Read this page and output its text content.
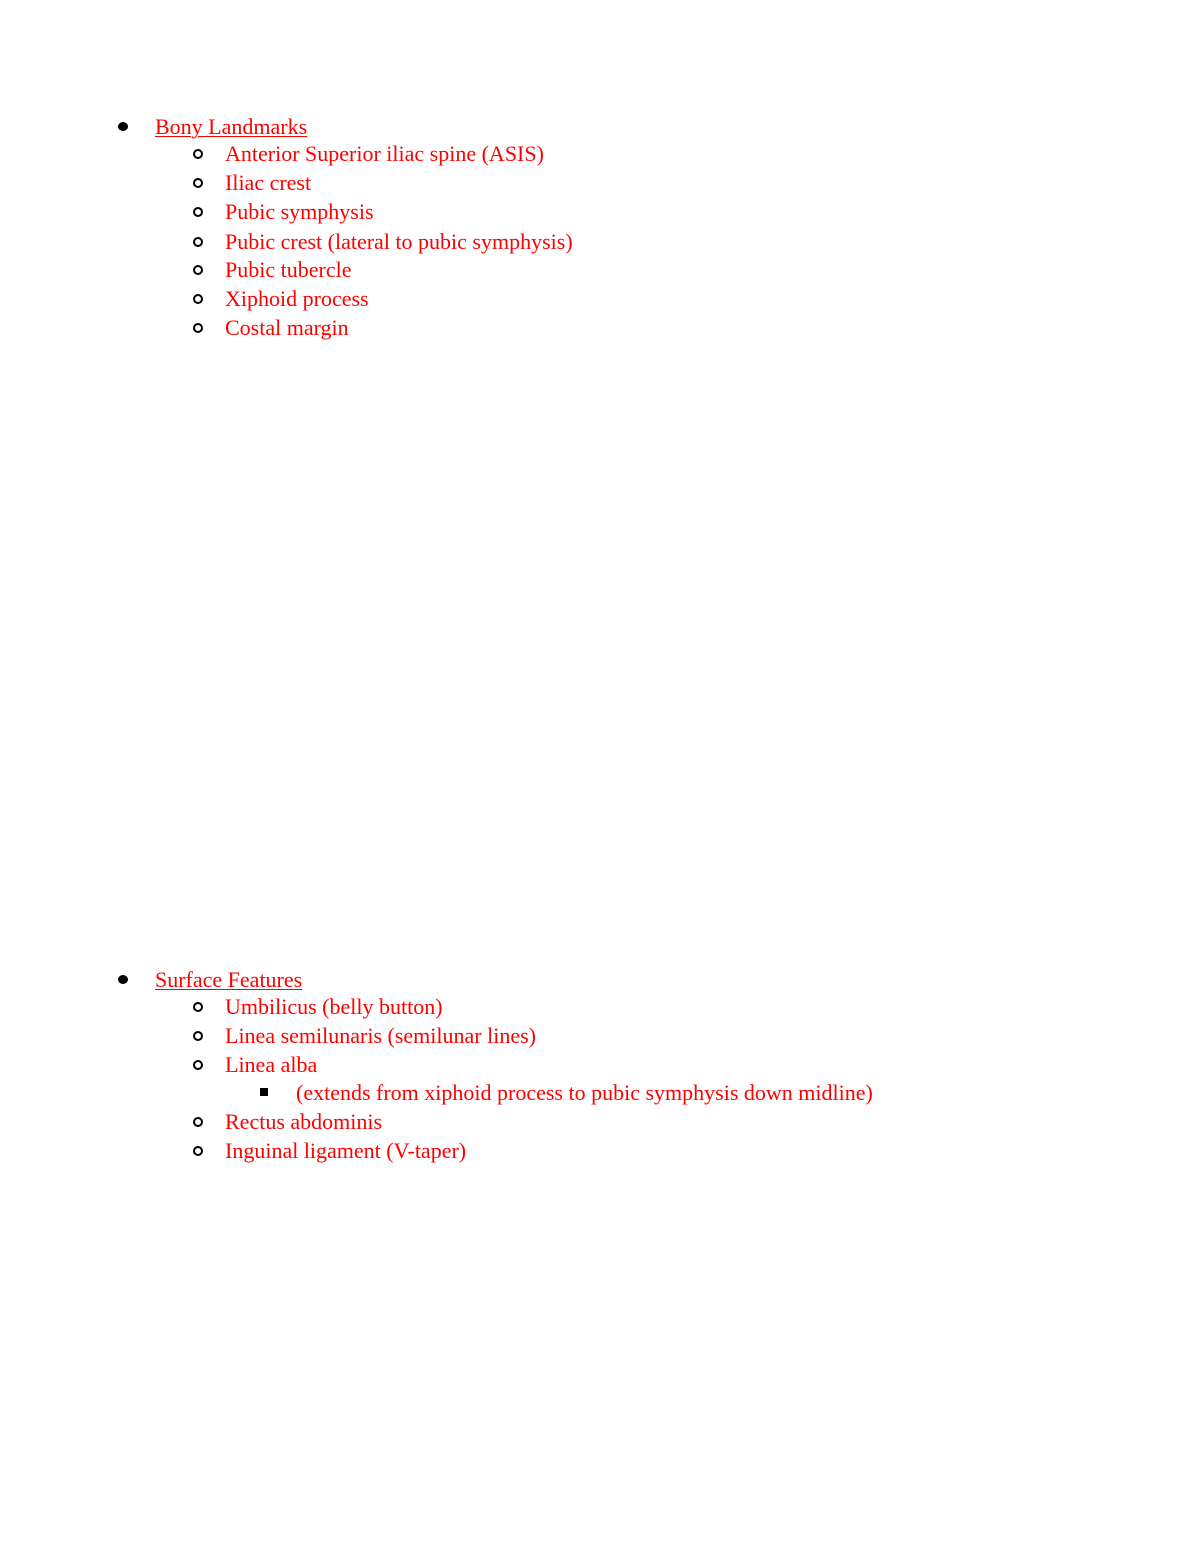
Bony Landmarks
Anterior Superior iliac spine (ASIS)
Iliac crest
Pubic symphysis
Pubic crest (lateral to pubic symphysis)
Pubic tubercle
Xiphoid process
Costal margin
Surface Features
Umbilicus (belly button)
Linea semilunaris (semilunar lines)
Linea alba
(extends from xiphoid process to pubic symphysis down midline)
Rectus abdominis
Inguinal ligament (V-taper)
